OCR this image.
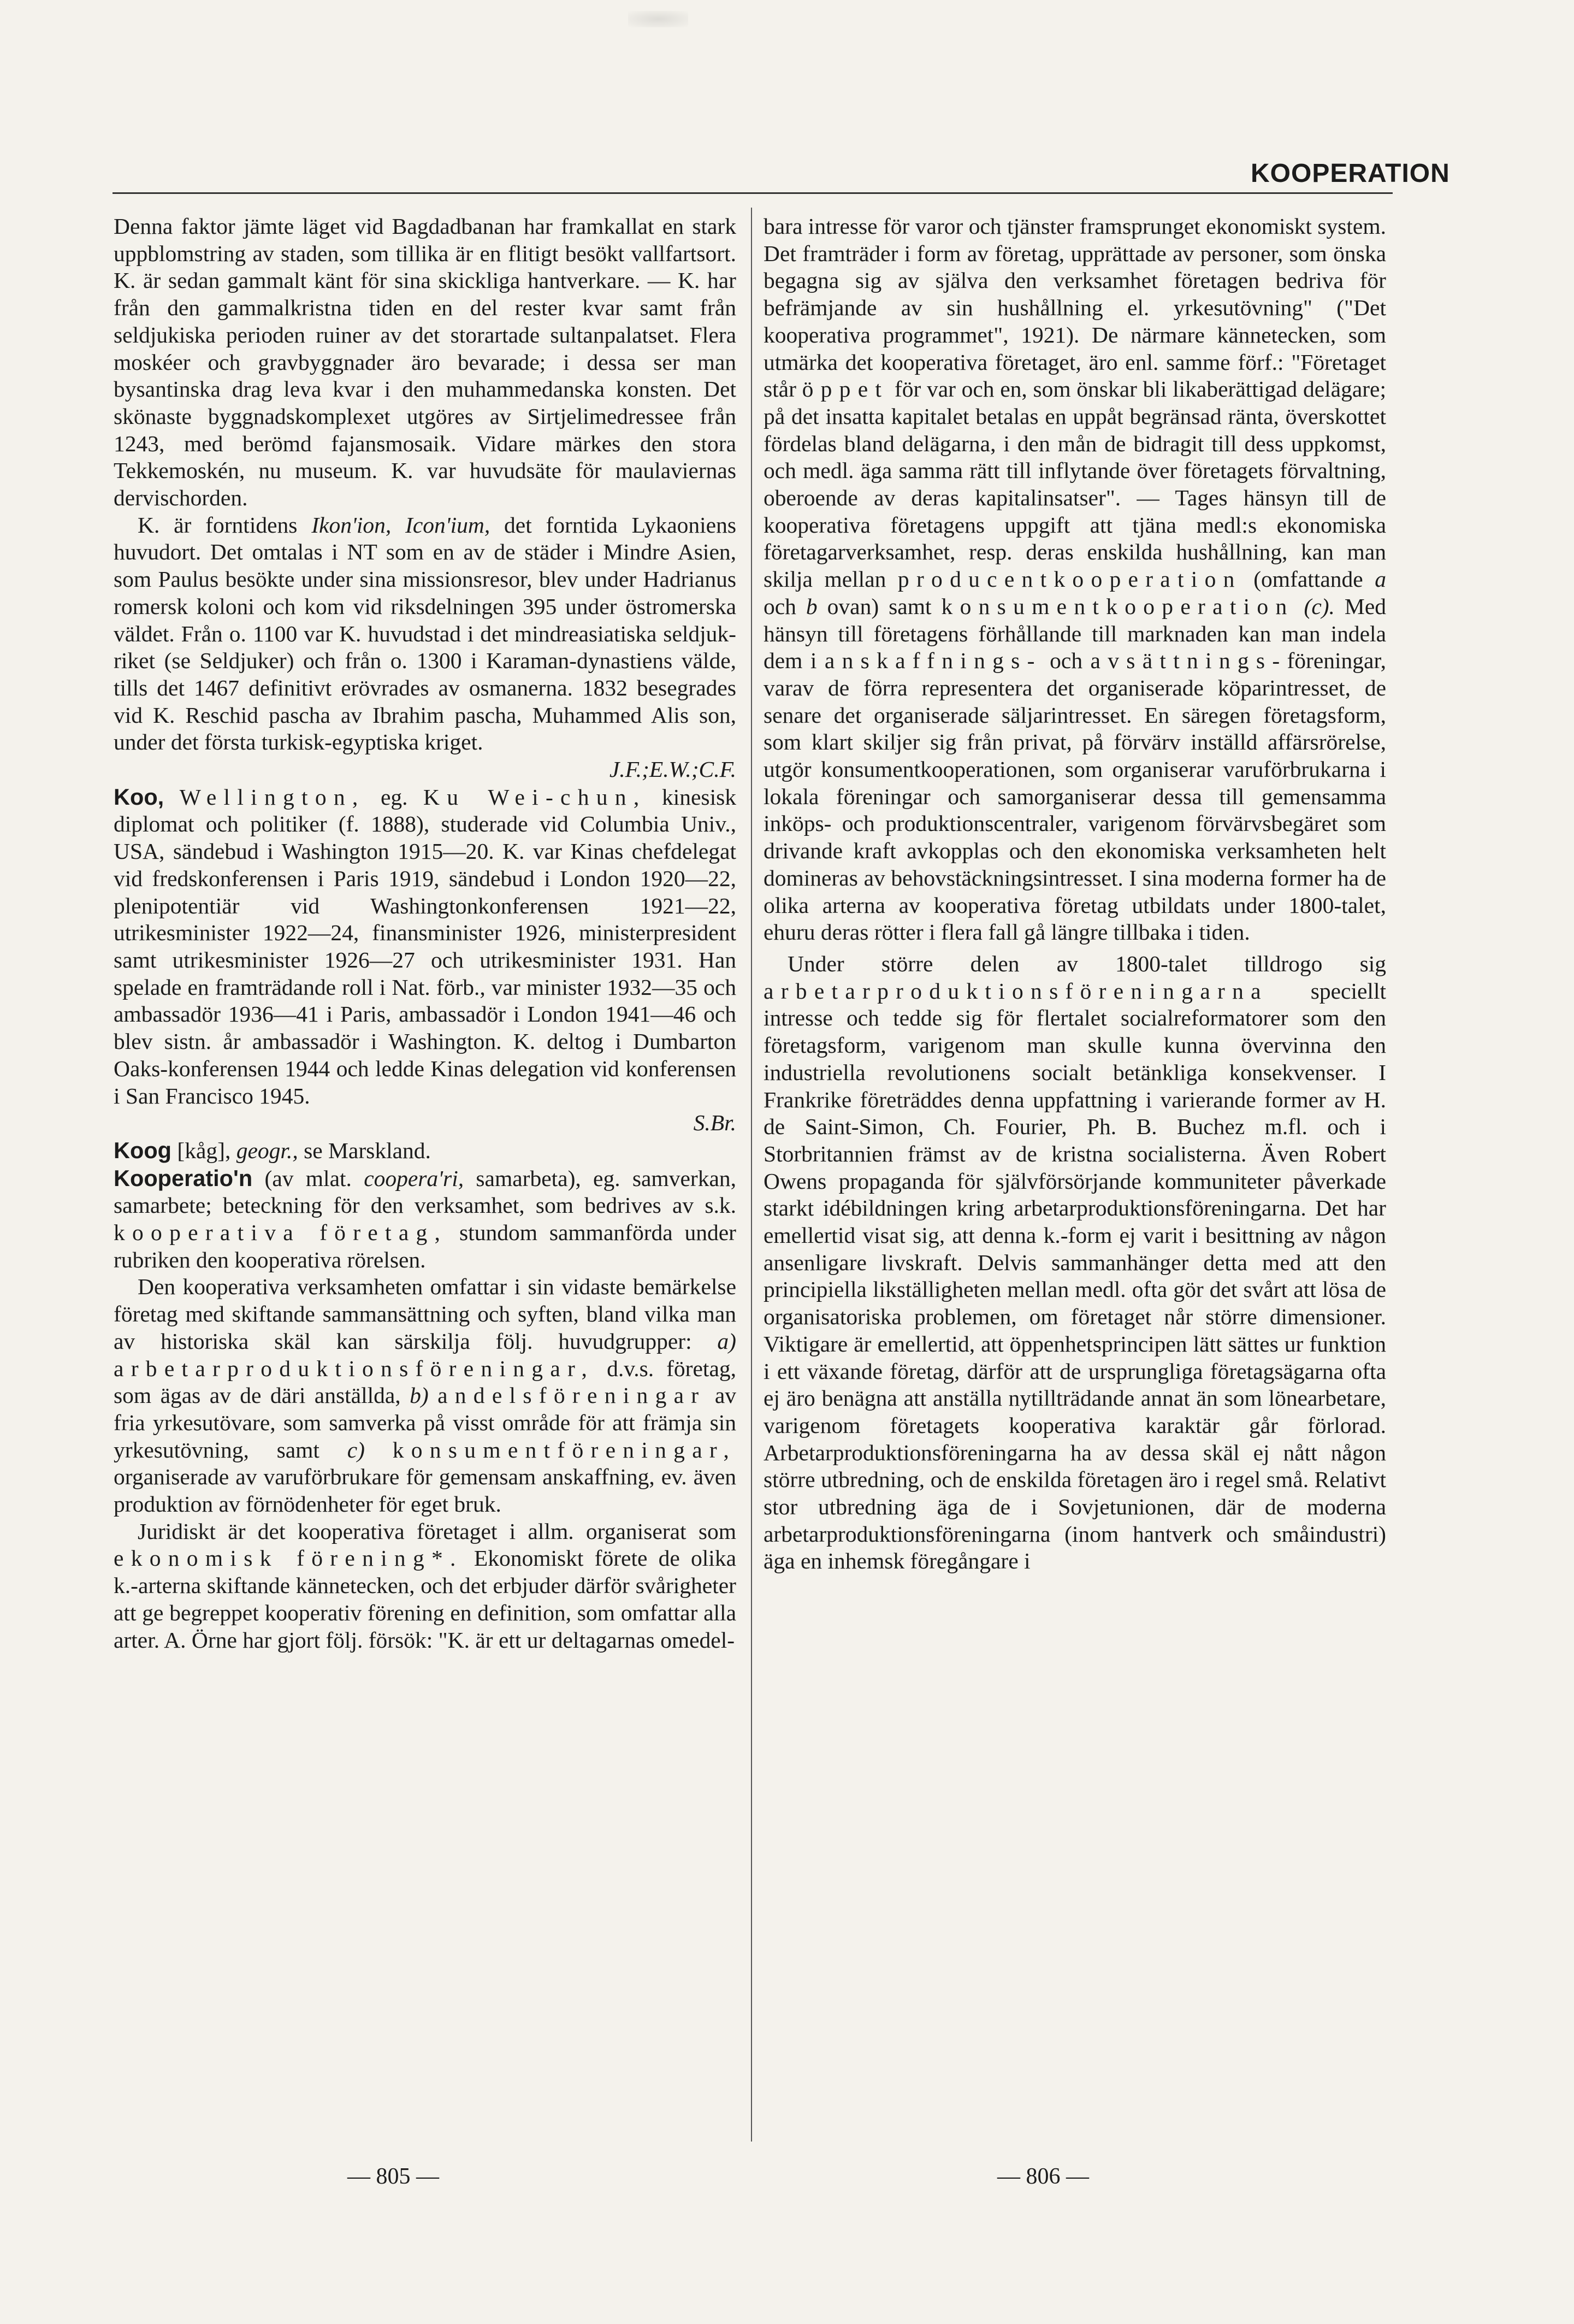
KOOPERATION
Denna faktor jämte läget vid Bagdadbanan har framkallat en stark uppblomstring av staden, som tillika är en flitigt besökt vallfartsort. K. är sedan gammalt känt för sina skickliga hantverkare. — K. har från den gammalkristna tiden en del rester kvar samt från seldjukiska perioden ruiner av det storartade sultanpalatset. Flera moskéer och gravbyggnader äro bevarade; i dessa ser man bysantinska drag leva kvar i den muhammedanska konsten. Det skönaste byggnadskomplexet utgöres av Sirtjelimedressee från 1243, med berömd fajansmosaik. Vidare märkes den stora Tekkemoskén, nu museum. K. var huvudsäte för maulaviernas dervischorden.
K. är forntidens Ikon'ion, Icon'ium, det forntida Lykaoniens huvudort. Det omtalas i NT som en av de städer i Mindre Asien, som Paulus besökte under sina missionsresor, blev under Hadrianus romersk koloni och kom vid riksdelningen 395 under östromerska väldet. Från o. 1100 var K. huvudstad i det mindreasiatiska seldjuk-riket (se Seldjuker) och från o. 1300 i Karaman-dynastiens välde, tills det 1467 definitivt erövrades av osmanerna. 1832 besegrades vid K. Reschid pascha av Ibrahim pascha, Muhammed Alis son, under det första turkisk-egyptiska kriget.
J.F.;E.W.;C.F.
Koo, Wellington, eg. Ku Wei-chun, kinesisk diplomat och politiker (f. 1888), studerade vid Columbia Univ., USA, sändebud i Washington 1915—20. K. var Kinas chefdelegat vid fredskonferensen i Paris 1919, sändebud i London 1920—22, plenipotentiär vid Washingtonkonferensen 1921—22, utrikesminister 1922—24, finansminister 1926, ministerpresident samt utrikesminister 1926—27 och utrikesminister 1931. Han spelade en framträdande roll i Nat. förb., var minister 1932—35 och ambassadör 1936—41 i Paris, ambassadör i London 1941—46 och blev sistn. år ambassadör i Washington. K. deltog i Dumbarton Oaks-konferensen 1944 och ledde Kinas delegation vid konferensen i San Francisco 1945.
S.Br.
Koog [kåg], geogr., se Marskland.
Kooperatio'n (av mlat. coopera'ri, samarbeta), eg. samverkan, samarbete; beteckning för den verksamhet, som bedrives av s.k. kooperativa företag, stundom sammanförda under rubriken den kooperativa rörelsen.
Den kooperativa verksamheten omfattar i sin vidaste bemärkelse företag med skiftande sammansättning och syften, bland vilka man av historiska skäl kan särskilja följ. huvudgrupper: a) arbetarproduktionsföreningar, d.v.s. företag, som ägas av de däri anställda, b) andelsföreningar av fria yrkesutövare, som samverka på visst område för att främja sin yrkesutövning, samt c) konsumentföreningar, organiserade av varuförbrukare för gemensam anskaffning, ev. även produktion av förnödenheter för eget bruk.
Juridiskt är det kooperativa företaget i allm. organiserat som ekonomisk förening*. Ekonomiskt förete de olika k.-arterna skiftande kännetecken, och det erbjuder därför svårigheter att ge begreppet kooperativ förening en definition, som omfattar alla arter. A. Örne har gjort följ. försök: "K. är ett ur deltagarnas omedel-
bara intresse för varor och tjänster framsprunget ekonomiskt system. Det framträder i form av företag, upprättade av personer, som önska begagna sig av själva den verksamhet företagen bedriva för befrämjande av sin hushållning el. yrkesutövning" ("Det kooperativa programmet", 1921). De närmare kännetecken, som utmärka det kooperativa företaget, äro enl. samme förf.: "Företaget står öppet för var och en, som önskar bli likaberättigad delägare; på det insatta kapitalet betalas en uppåt begränsad ränta, överskottet fördelas bland delägarna, i den mån de bidragit till dess uppkomst, och medl. äga samma rätt till inflytande över företagets förvaltning, oberoende av deras kapitalinsatser". — Tages hänsyn till de kooperativa företagens uppgift att tjäna medl:s ekonomiska företagarverksamhet, resp. deras enskilda hushållning, kan man skilja mellan producentkooperation (omfattande a och b ovan) samt konsumentkooperation (c). Med hänsyn till företagens förhållande till marknaden kan man indela dem i anskaffnings- och avsättnings-föreningar, varav de förra representera det organiserade köparintresset, de senare det organiserade säljarintresset. En säregen företagsform, som klart skiljer sig från privat, på förvärv inställd affärsrörelse, utgör konsumentkooperationen, som organiserar varuförbrukarna i lokala föreningar och samorganiserar dessa till gemensamma inköps- och produktionscentraler, varigenom förvärvsbegäret som drivande kraft avkopplas och den ekonomiska verksamheten helt domineras av behovstäckningsintresset. I sina moderna former ha de olika arterna av kooperativa företag utbildats under 1800-talet, ehuru deras rötter i flera fall gå längre tillbaka i tiden.
Under större delen av 1800-talet tilldrogo sig arbetarproduktionsföreningarna speciellt intresse och tedde sig för flertalet socialreformatorer som den företagsform, varigenom man skulle kunna övervinna den industriella revolutionens socialt betänkliga konsekvenser. I Frankrike företräddes denna uppfattning i varierande former av H. de Saint-Simon, Ch. Fourier, Ph. B. Buchez m.fl. och i Storbritannien främst av de kristna socialisterna. Även Robert Owens propaganda för självförsörjande kommuniteter påverkade starkt idébildningen kring arbetarproduktionsföreningarna. Det har emellertid visat sig, att denna k.-form ej varit i besittning av någon ansenligare livskraft. Delvis sammanhänger detta med att den principiella likställigheten mellan medl. ofta gör det svårt att lösa de organisatoriska problemen, om företaget når större dimensioner. Viktigare är emellertid, att öppenhetsprincipen lätt sättes ur funktion i ett växande företag, därför att de ursprungliga företagsägarna ofta ej äro benägna att anställa nytillträdande annat än som lönearbetare, varigenom företagets kooperativa karaktär går förlorad. Arbetarproduktionsföreningarna ha av dessa skäl ej nått någon större utbredning, och de enskilda företagen äro i regel små. Relativt stor utbredning äga de i Sovjetunionen, där de moderna arbetarproduktionsföreningarna (inom hantverk och småindustri) äga en inhemsk föregångare i
— 805 —	— 806 —
